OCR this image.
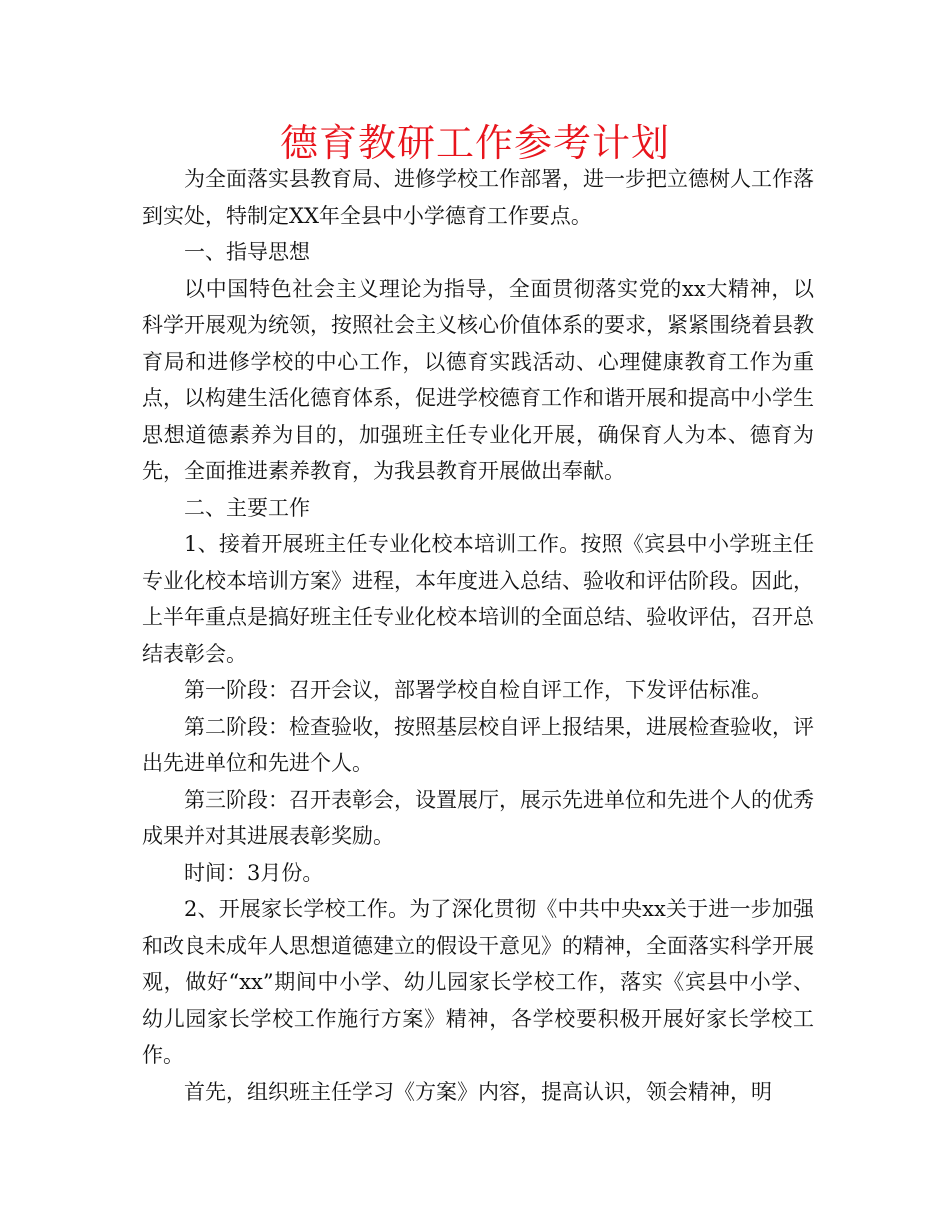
德育教研工作参考计划

为全面落实县教育局、进修学校工作部署，进一步把立德树人工作落到实处，特制定XX年全县中小学德育工作要点。

一、指导思想

以中国特色社会主义理论为指导，全面贯彻落实党的xx大精神，以科学开展观为统领，按照社会主义核心价值体系的要求，紧紧围绕着县教育局和进修学校的中心工作，以德育实践活动、心理健康教育工作为重点，以构建生活化德育体系，促进学校德育工作和谐开展和提高中小学生思想道德素养为目的，加强班主任专业化开展，确保育人为本、德育为先，全面推进素养教育，为我县教育开展做出奉献。

二、主要工作

1、接着开展班主任专业化校本培训工作。按照《宾县中小学班主任专业化校本培训方案》进程，本年度进入总结、验收和评估阶段。因此，上半年重点是搞好班主任专业化校本培训的全面总结、验收评估，召开总结表彰会。

第一阶段：召开会议，部署学校自检自评工作，下发评估标准。

第二阶段：检查验收，按照基层校自评上报结果，进展检查验收，评出先进单位和先进个人。

第三阶段：召开表彰会，设置展厅，展示先进单位和先进个人的优秀成果并对其进展表彰奖励。

时间：3月份。

2、开展家长学校工作。为了深化贯彻《中共中央xx关于进一步加强和改良未成年人思想道德建立的假设干意见》的精神，全面落实科学开展观，做好“xx”期间中小学、幼儿园家长学校工作，落实《宾县中小学、幼儿园家长学校工作施行方案》精神，各学校要积极开展好家长学校工作。

首先，组织班主任学习《方案》内容，提高认识，领会精神，明
